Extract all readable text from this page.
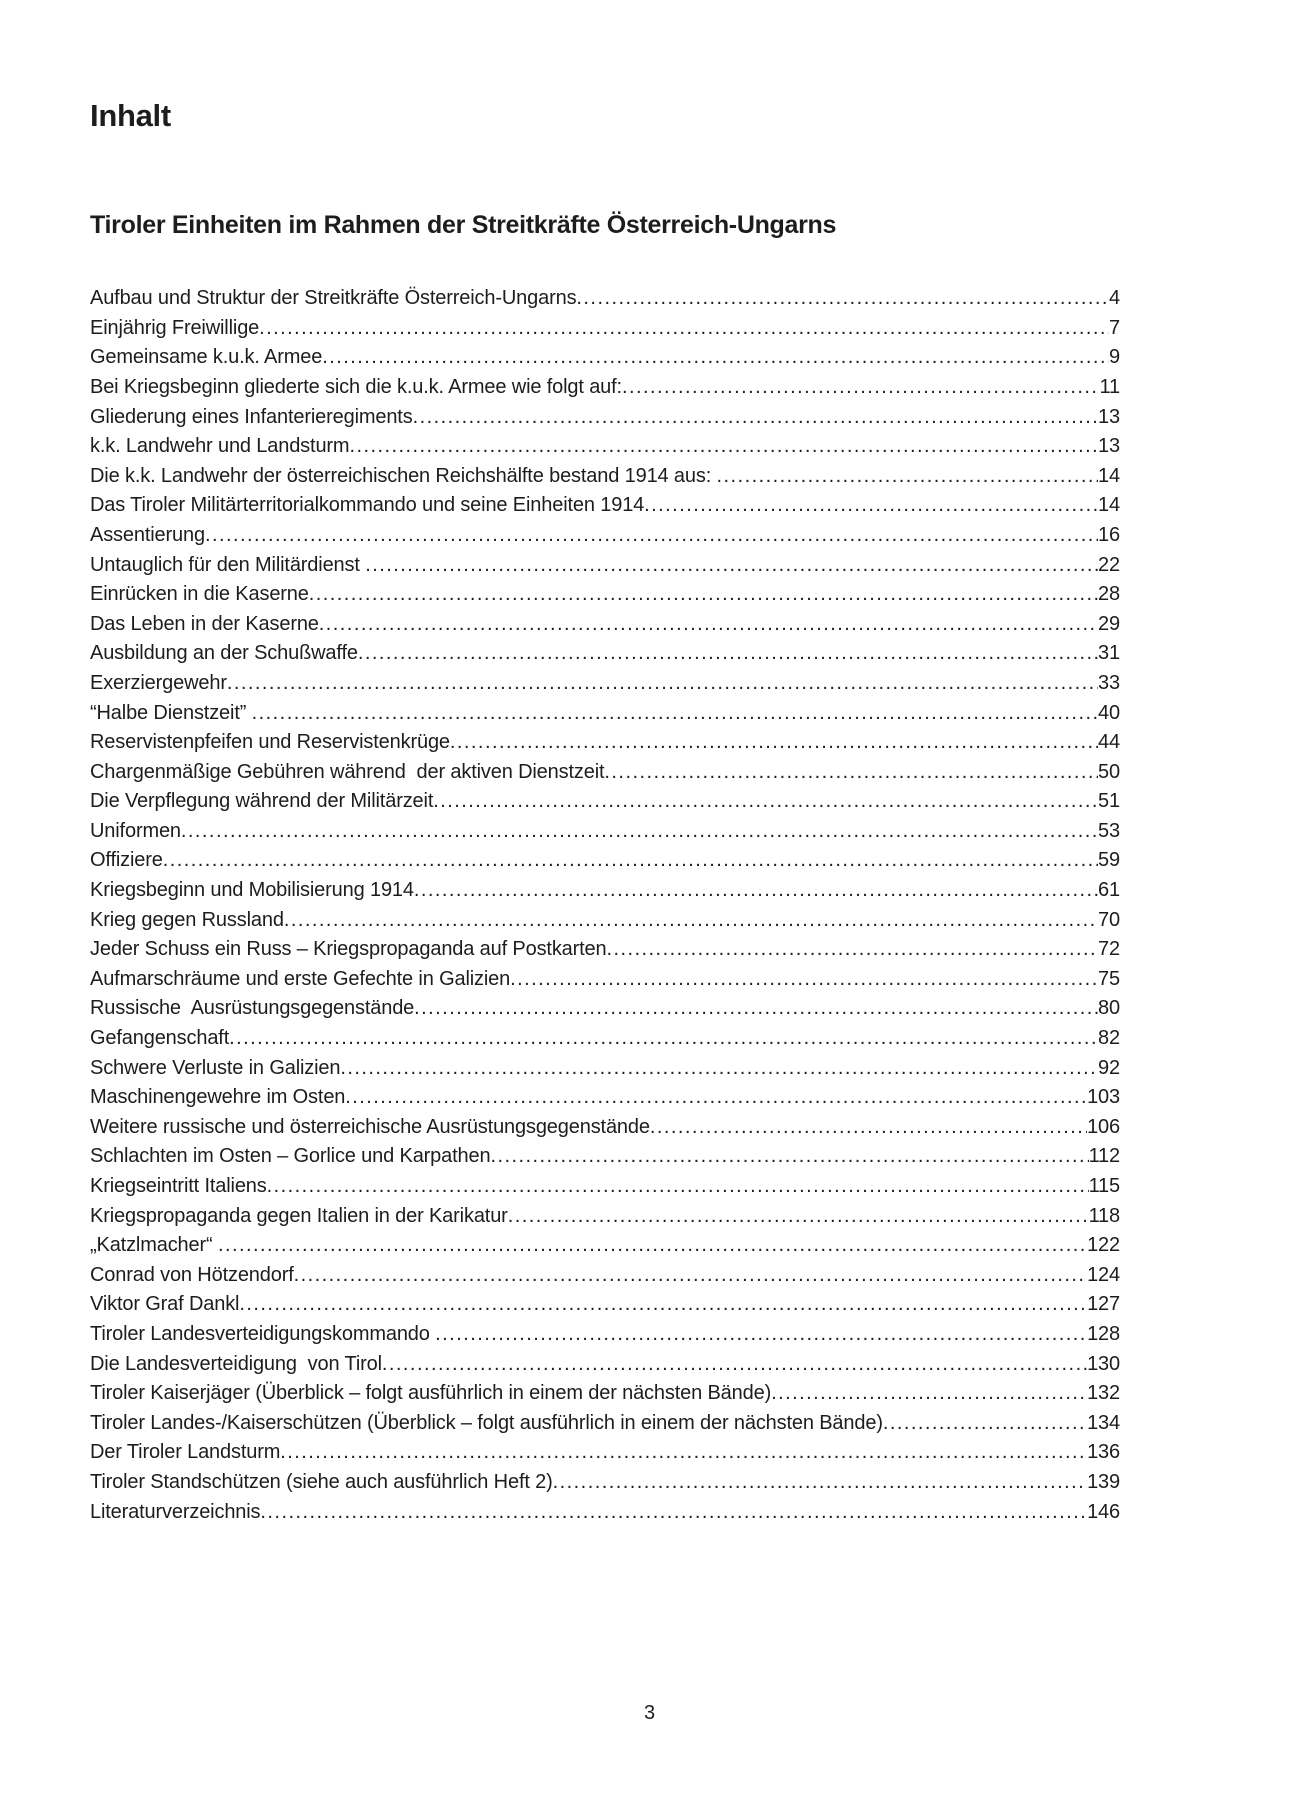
Inhalt
Tiroler Einheiten im Rahmen der Streitkräfte Österreich-Ungarns
Aufbau und Struktur der Streitkräfte Österreich-Ungarns .....	4
Einjährig Freiwillige .....	7
Gemeinsame k.u.k. Armee .....	9
Bei Kriegsbeginn gliederte sich die k.u.k. Armee wie folgt auf: .....	11
Gliederung eines Infanterieregiments .....	13
k.k. Landwehr und Landsturm .....	13
Die k.k. Landwehr der österreichischen Reichshälfte bestand 1914 aus: .....	14
Das Tiroler Militärterritorialkommando und seine Einheiten 1914 .....	14
Assentierung .....	16
Untauglich für den Militärdienst .....	22
Einrücken in die Kaserne .....	28
Das Leben in der Kaserne .....	29
Ausbildung an der Schußwaffe .....	31
Exerziergewehr .....	33
“Halbe Dienstzeit” .....	40
Reservistenpfeifen und Reservistenkrüge .....	44
Chargenmäßige Gebühren während  der aktiven Dienstzeit .....	50
Die Verpflegung während der Militärzeit .....	51
Uniformen .....	53
Offiziere .....	59
Kriegsbeginn und Mobilisierung 1914 .....	61
Krieg gegen Russland .....	70
Jeder Schuss ein Russ – Kriegspropaganda auf Postkarten .....	72
Aufmarschräume und erste Gefechte in Galizien .....	75
Russische  Ausrüstungsgegenstände .....	80
Gefangenschaft .....	82
Schwere Verluste in Galizien .....	92
Maschinengewehre im Osten .....	103
Weitere russische und österreichische Ausrüstungsgegenstände .....	106
Schlachten im Osten – Gorlice und Karpathen .....	112
Kriegseintritt Italiens .....	115
Kriegspropaganda gegen Italien in der Karikatur .....	118
„Katzlmacher“ .....	122
Conrad von Hötzendorf .....	124
Viktor Graf Dankl .....	127
Tiroler Landesverteidigungskommando .....	128
Die Landesverteidigung  von Tirol .....	130
Tiroler Kaiserjäger (Überblick – folgt ausführlich in einem der nächsten Bände) .....	132
Tiroler Landes-/Kaiserschützen (Überblick – folgt ausführlich in einem der nächsten Bände) .....	134
Der Tiroler Landsturm .....	136
Tiroler Standschützen (siehe auch ausführlich Heft 2) .....	139
Literaturverzeichnis .....	146
3
